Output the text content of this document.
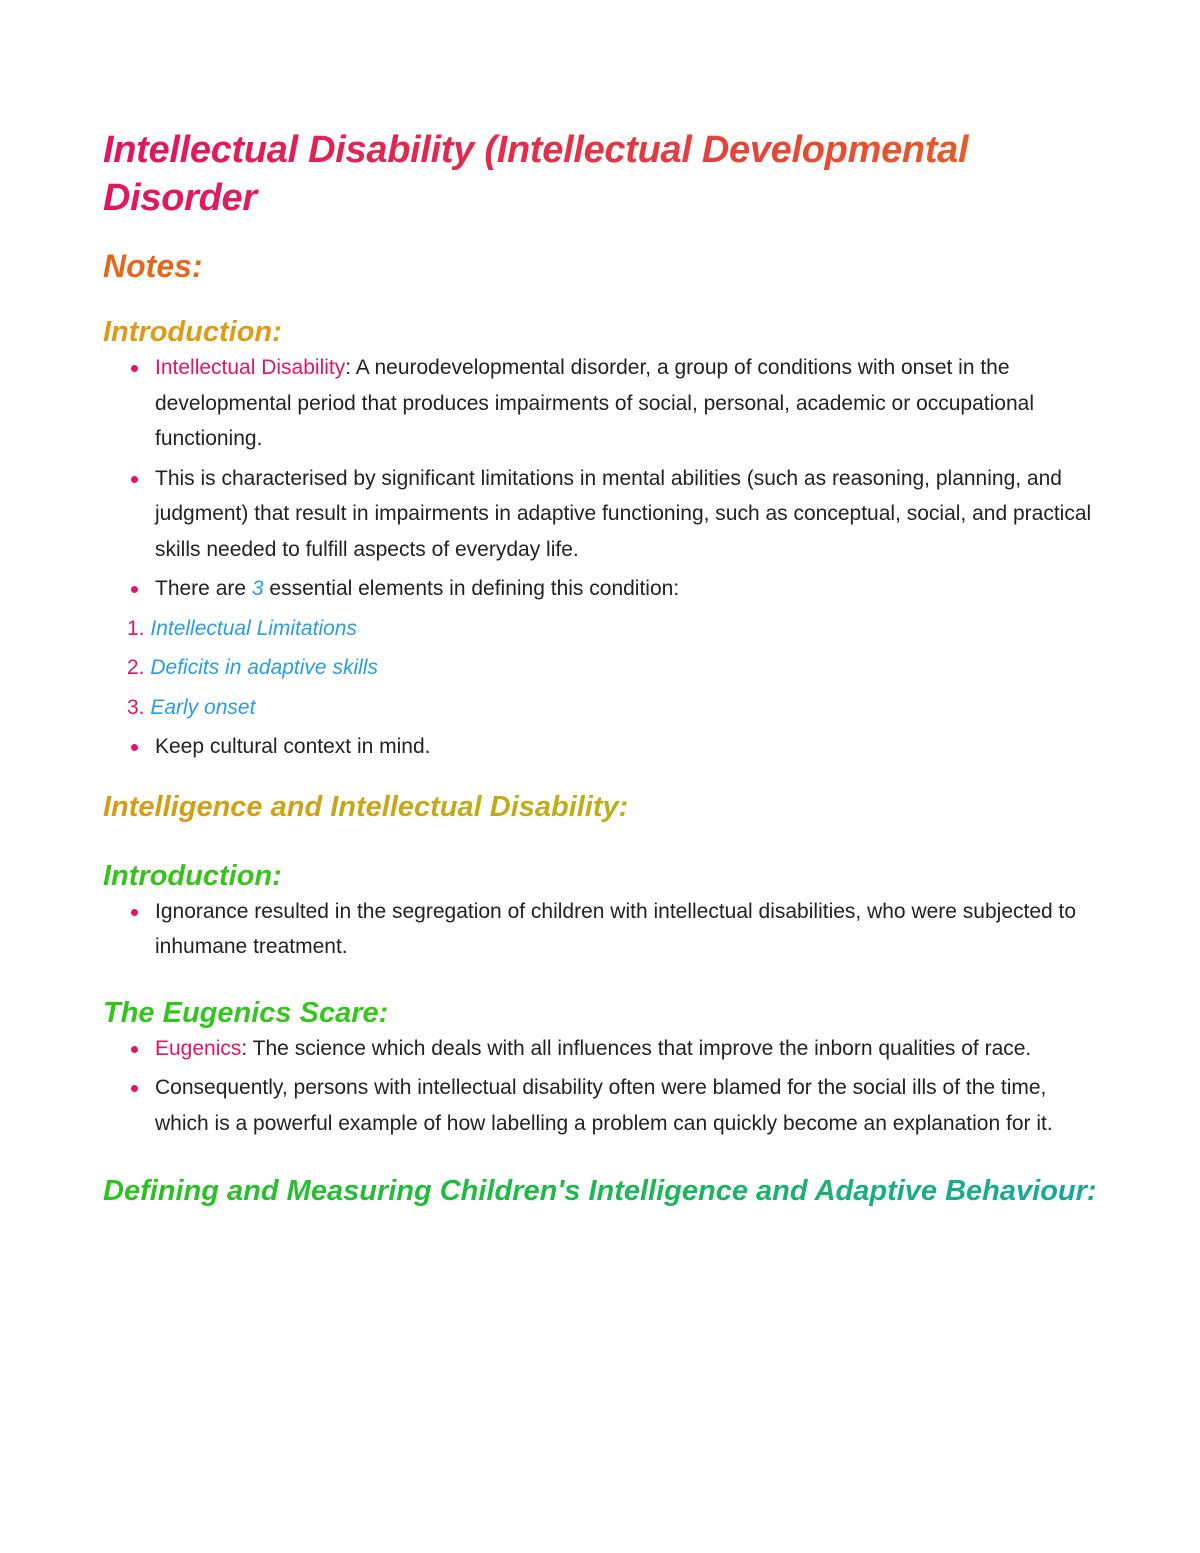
Intellectual Disability (Intellectual Developmental Disorder
Notes:
Introduction:
Intellectual Disability: A neurodevelopmental disorder, a group of conditions with onset in the developmental period that produces impairments of social, personal, academic or occupational functioning.
This is characterised by significant limitations in mental abilities (such as reasoning, planning, and judgment) that result in impairments in adaptive functioning, such as conceptual, social, and practical skills needed to fulfill aspects of everyday life.
There are 3 essential elements in defining this condition:
1. Intellectual Limitations
2. Deficits in adaptive skills
3. Early onset
Keep cultural context in mind.
Intelligence and Intellectual Disability:
Introduction:
Ignorance resulted in the segregation of children with intellectual disabilities, who were subjected to inhumane treatment.
The Eugenics Scare:
Eugenics: The science which deals with all influences that improve the inborn qualities of race.
Consequently, persons with intellectual disability often were blamed for the social ills of the time, which is a powerful example of how labelling a problem can quickly become an explanation for it.
Defining and Measuring Children's Intelligence and Adaptive Behaviour:
